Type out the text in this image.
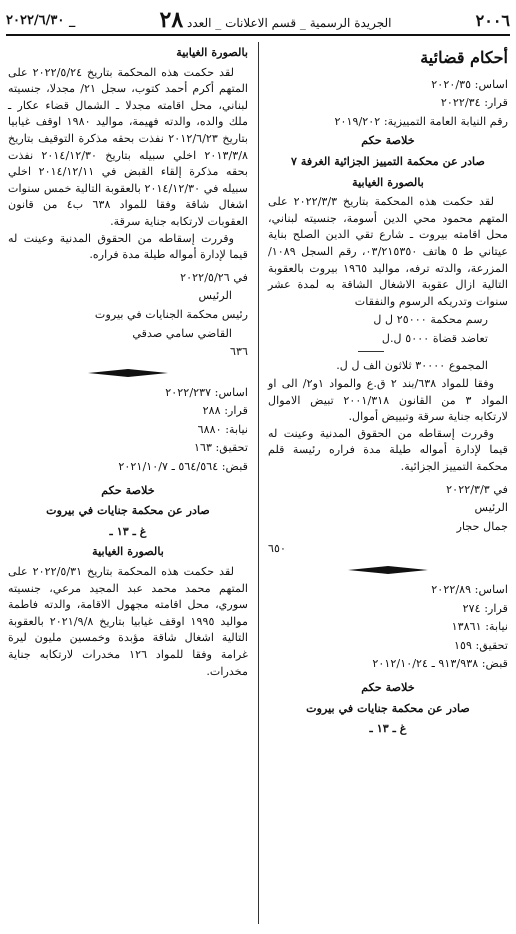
٢٠٠٦
الجريدة الرسمية _ قسم الاعلانات _ العدد ٢٨
_ ٢٠٢٢/٦/٣٠
أحكام قضائية
اساس: ٢٠٢٠/٣٥
قرار: ٢٠٢٢/٣٤
رقم النيابة العامة التمييزية: ٢٠١٩/٢٠٢
خلاصة حكم
صادر عن محكمة التمييز الجزائية الغرفة ٧
بالصورة الغيابية

لقد حكمت هذه المحكمة بتاريخ ٢٠٢٢/٣/٣ على المتهم محمود محي الدين أسومة، جنسيته لبناني، محل اقامته بيروت ـ شارع تقي الدين الصلح بناية عيتاني ط ٥ هاتف ٠٣/٢١٥٣٥٠، رقم السجل ١٠٨٩/المزرعة، والدته ترفه، مواليد ١٩٦٥ بيروت بالعقوبة التالية ازال عقوبة الاشغال الشاقة به لمدة عشر سنوات وتدريكه الرسوم والنفقات

رسم محكمة ٢٥٠٠٠ ل ل
تعاضد قضاة ٥٠٠٠ ل.ل
المجموع ٣٠٠٠٠ ثلاثون الف ل ل.

وفقا للمواد ٦٣٨/بند ٢ ق.ع والمواد ١و٢/ الى او المواد ٣ من القانون ٢٠٠١/٣١٨ تبيض الاموال لارتكابه جناية سرقة وتبييض أموال.

وقررت إسقاطه من الحقوق المدنية وعينت له قيما لإدارة أمواله طيلة مدة فراره رئيسة قلم محكمة التمييز الجزائية.

في ٢٠٢٢/٣/٣
الرئيس
جمال حجار
٦٥٠
اساس: ٢٠٢٢/٨٩
قرار: ٢٧٤
نيابة: ١٣٨٦١
تحقيق: ١٥٩
قبض: ٩١٣/٩٣٨ ـ ٢٠١٢/١٠/٢٤
خلاصة حكم
صادر عن محكمة جنايات في بيروت
غ ـ ١٣ ـ
بالصورة الغيابية

لقد حكمت هذه المحكمة بتاريخ ٢٠٢٢/٥/٢٤ على المتهم أكرم أحمد كتوب، سجل ٢١/ مجدلا، جنسيته لبناني، محل اقامته مجدلا ـ الشمال قضاء عكار ـ ملك والده، والدته فهيمة، مواليد ١٩٨٠ اوقف غيابيا بتاريخ ٢٠١٢/٦/٢٣ نفذت بحقه مذكرة التوقيف بتاريخ ٢٠١٣/٣/٨ اخلي سبيله بتاريخ ٢٠١٤/١٢/٣٠ نفذت بحقه مذكرة إلقاء القبض في ٢٠١٤/١٢/١١ اخلي سبيله في ٢٠١٤/١٢/٣٠ بالعقوبة التالية خمس سنوات اشغال شاقة وفقا للمواد ٦٣٨ ب٤ من قانون العقوبات لارتكابه جناية سرقة.

وقررت إسقاطه من الحقوق المدنية وعينت له قيما لإدارة أمواله طيلة مدة فراره.

في ٢٠٢٢/٥/٢٦
الرئيس
رئيس محكمة الجنايات في بيروت
القاضي سامي صدقي
٦٣٦
اساس: ٢٠٢٢/٢٣٧
قرار: ٢٨٨
نيابة: ٦٨٨٠
تحقيق: ١٦٣
قبض: ٥٦٤/٥٦٤ ـ ٢٠٢١/١٠/٧
خلاصة حكم
صادر عن محكمة جنايات في بيروت
غ ـ ١٣ ـ
بالصورة الغيابية

لقد حكمت هذه المحكمة بتاريخ ٢٠٢٢/٥/٣١ على المتهم محمد محمد عبد المجيد مرعي، جنسيته سوري، محل اقامته مجهول الاقامة، والدته فاطمة مواليد ١٩٩٥ اوقف غيابيا بتاريخ ٢٠٢١/٩/٨ بالعقوبة التالية اشغال شاقة مؤبدة وخمسين مليون ليرة غرامة وفقا للمواد ١٢٦ مخدرات لارتكابه جناية مخدرات.
